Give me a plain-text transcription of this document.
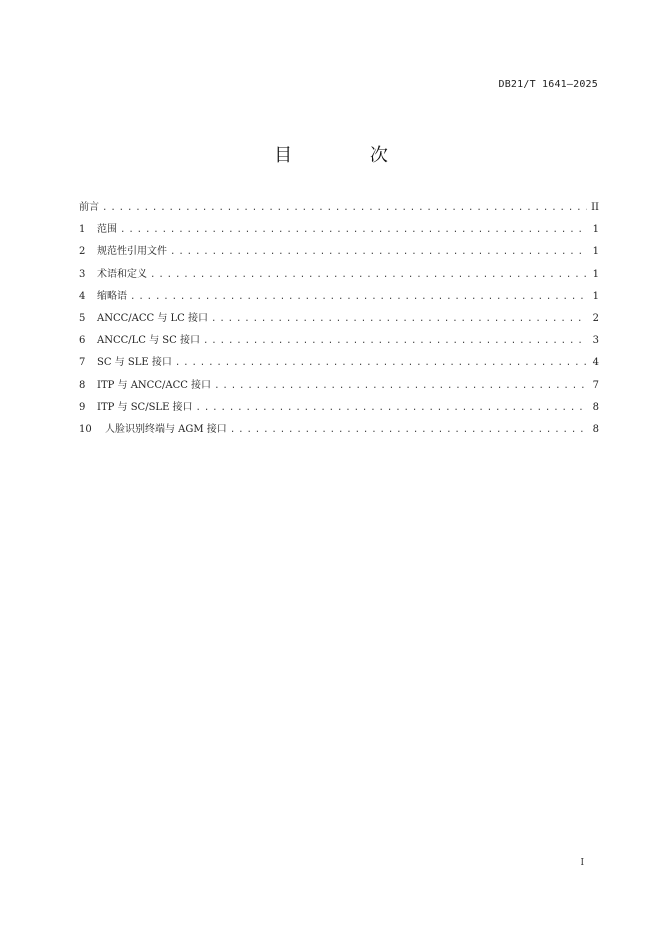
DB21/T 1641—2025
目 次
前言 .....	II
1	范围 .....	1
2	规范性引用文件 .....	1
3	术语和定义 .....	1
4	缩略语 .....	1
5	ANCC/ACC 与 LC 接口 .....	2
6	ANCC/LC 与 SC 接口 .....	3
7	SC 与 SLE 接口 .....	4
8	ITP 与 ANCC/ACC 接口 .....	7
9	ITP 与 SC/SLE 接口 .....	8
10	人脸识别终端与 AGM 接口 .....	8
I
